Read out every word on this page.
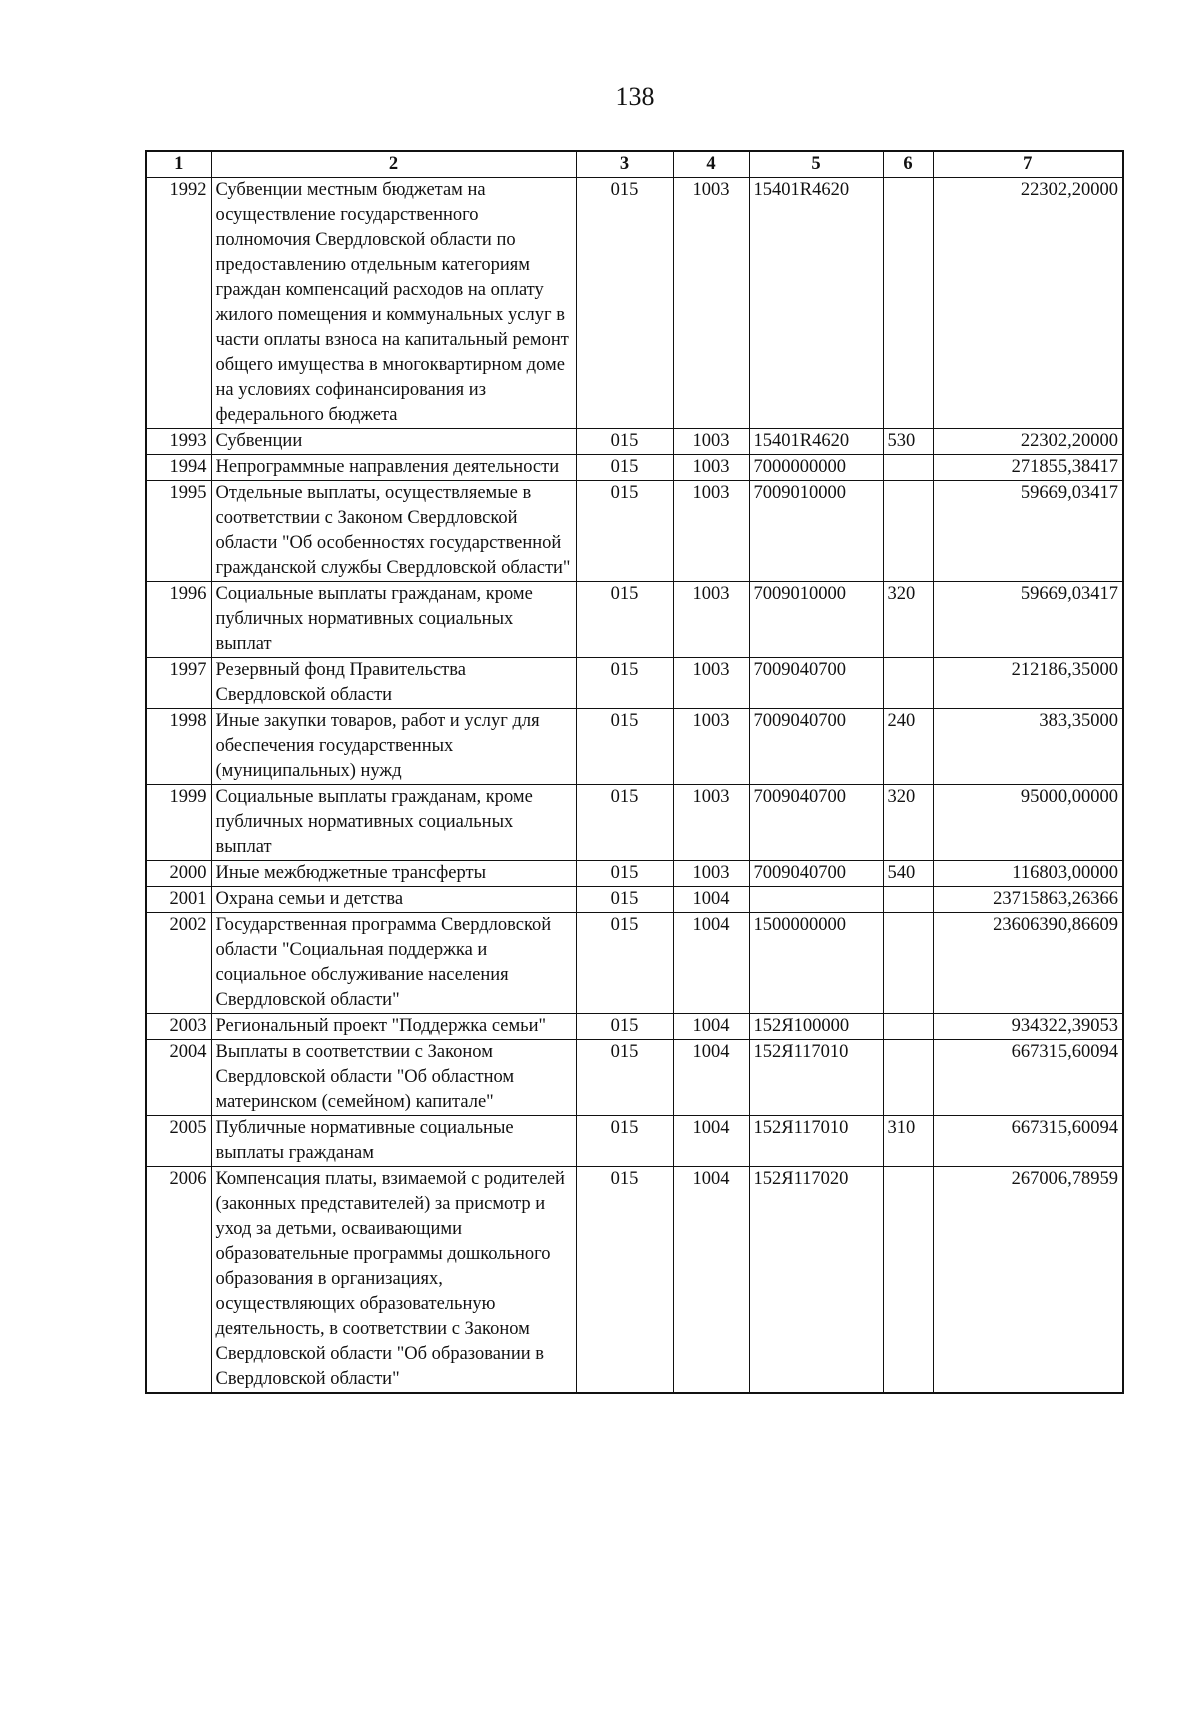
138
1	2	3	4	5	6	7
1992	Субвенции местным бюджетам на осуществление государственного полномочия Свердловской области по предоставлению отдельным категориям граждан компенсаций расходов на оплату жилого помещения и коммунальных услуг в части оплаты взноса на капитальный ремонт общего имущества в многоквартирном доме на условиях софинансирования из федерального бюджета	015	1003	15401R4620		22302,20000
1993	Субвенции	015	1003	15401R4620	530	22302,20000
1994	Непрограммные направления деятельности	015	1003	7000000000		271855,38417
1995	Отдельные выплаты, осуществляемые в соответствии с Законом Свердловской области "Об особенностях государственной гражданской службы Свердловской области"	015	1003	7009010000		59669,03417
1996	Социальные выплаты гражданам, кроме публичных нормативных социальных выплат	015	1003	7009010000	320	59669,03417
1997	Резервный фонд Правительства Свердловской области	015	1003	7009040700		212186,35000
1998	Иные закупки товаров, работ и услуг для обеспечения государственных (муниципальных) нужд	015	1003	7009040700	240	383,35000
1999	Социальные выплаты гражданам, кроме публичных нормативных социальных выплат	015	1003	7009040700	320	95000,00000
2000	Иные межбюджетные трансферты	015	1003	7009040700	540	116803,00000
2001	Охрана семьи и детства	015	1004			23715863,26366
2002	Государственная программа Свердловской области "Социальная поддержка и социальное обслуживание населения Свердловской области"	015	1004	1500000000		23606390,86609
2003	Региональный проект "Поддержка семьи"	015	1004	152Я100000		934322,39053
2004	Выплаты в соответствии с Законом Свердловской области "Об областном материнском (семейном) капитале"	015	1004	152Я117010		667315,60094
2005	Публичные нормативные социальные выплаты гражданам	015	1004	152Я117010	310	667315,60094
2006	Компенсация платы, взимаемой с родителей (законных представителей) за присмотр и уход за детьми, осваивающими образовательные программы дошкольного образования в организациях, осуществляющих образовательную деятельность, в соответствии с Законом Свердловской области "Об образовании в Свердловской области"	015	1004	152Я117020		267006,78959
